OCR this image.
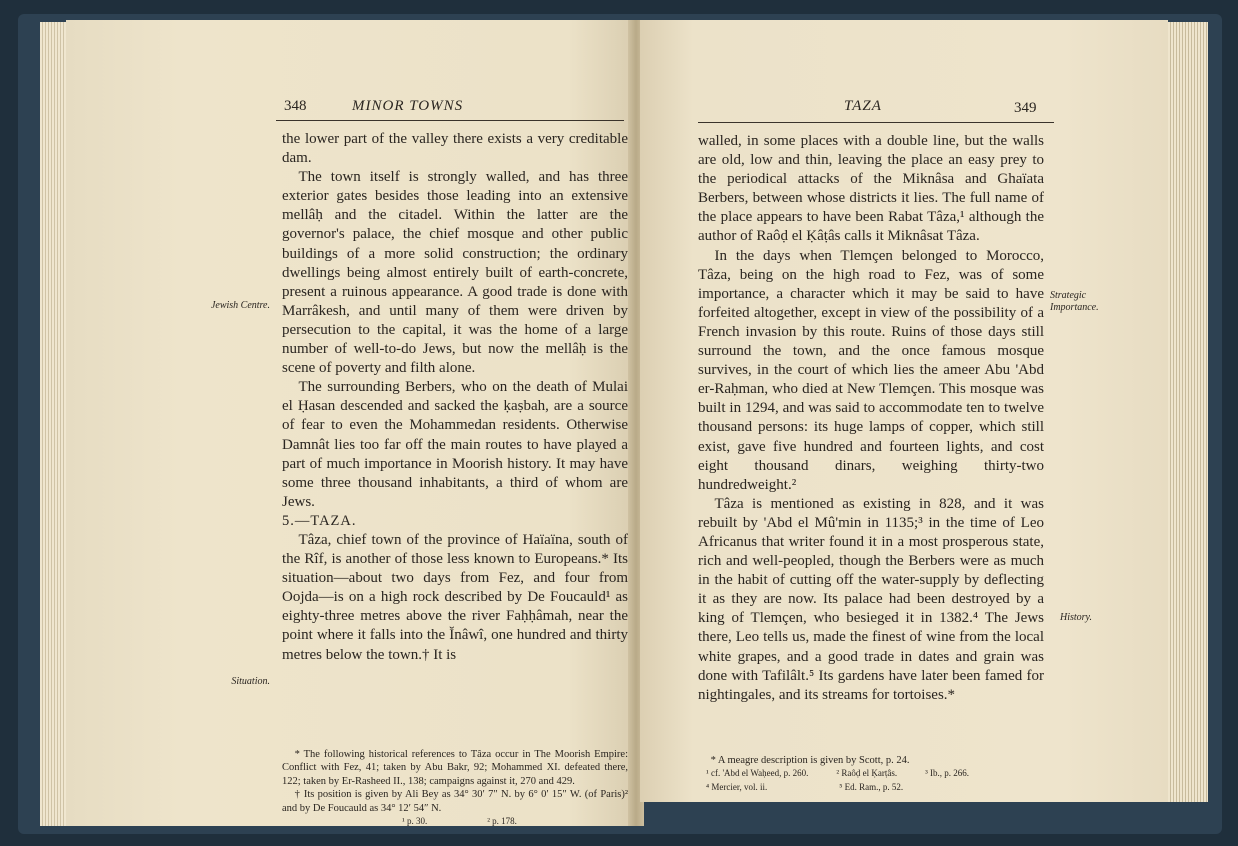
348	MINOR TOWNS
Jewish Centre.
Situation.

the lower part of the valley there exists a very creditable dam.

The town itself is strongly walled, and has three exterior gates besides those leading into an extensive mellâḥ and the citadel. Within the latter are the governor's palace, the chief mosque and other public buildings of a more solid construction; the ordinary dwellings being almost entirely built of earth-concrete, present a ruinous appearance. A good trade is done with Marrâkesh, and until many of them were driven by persecution to the capital, it was the home of a large number of well-to-do Jews, but now the mellâḥ is the scene of poverty and filth alone.

The surrounding Berbers, who on the death of Mulai el Ḥasan descended and sacked the ḳaṣbah, are a source of fear to even the Mohammedan residents. Otherwise Damnât lies too far off the main routes to have played a part of much importance in Moorish history. It may have some three thousand inhabitants, a third of whom are Jews.

5.—TAZA.

Tâza, chief town of the province of Haïaïna, south of the Rîf, is another of those less known to Europeans.* Its situation—about two days from Fez, and four from Oojda—is on a high rock described by De Foucauld¹ as eighty-three metres above the river Faḥḥâmah, near the point where it falls into the Ĭnâwî, one hundred and thirty metres below the town.† It is

* The following historical references to Tâza occur in The Moorish Empire: Conflict with Fez, 41; taken by Abu Bakr, 92; Mohammed XI. defeated there, 122; taken by Er-Rasheed II., 138; campaigns against it, 270 and 429.

† Its position is given by Ali Bey as 34° 30′ 7″ N. by 6° 0′ 15″ W. (of Paris)² and by De Foucauld as 34° 12′ 54″ N.

¹ p. 30.	² p. 178.
TAZA	349
Strategic Importance.
History.

walled, in some places with a double line, but the walls are old, low and thin, leaving the place an easy prey to the periodical attacks of the Miknâsa and Ghaïata Berbers, between whose districts it lies. The full name of the place appears to have been Rabat Tâza,¹ although the author of Raôḍ el Ḳâṭâs calls it Miknâsat Tâza.

In the days when Tlemçen belonged to Morocco, Tâza, being on the high road to Fez, was of some importance, a character which it may be said to have forfeited altogether, except in view of the possibility of a French invasion by this route. Ruins of those days still surround the town, and the once famous mosque survives, in the court of which lies the ameer Abu 'Abd er-Raḥman, who died at New Tlemçen. This mosque was built in 1294, and was said to accommodate ten to twelve thousand persons: its huge lamps of copper, which still exist, gave five hundred and fourteen lights, and cost eight thousand dinars, weighing thirty-two hundredweight.²

Tâza is mentioned as existing in 828, and it was rebuilt by 'Abd el Mû'min in 1135;³ in the time of Leo Africanus that writer found it in a most prosperous state, rich and well-peopled, though the Berbers were as much in the habit of cutting off the water-supply by deflecting it as they are now. Its palace had been destroyed by a king of Tlemçen, who besieged it in 1382.⁴ The Jews there, Leo tells us, made the finest of wine from the local white grapes, and a good trade in dates and grain was done with Tafilâlt.⁵ Its gardens have later been famed for nightingales, and its streams for tortoises.*

* A meagre description is given by Scott, p. 24.

¹ cf. 'Abd el Waḥeed, p. 260.	² Raôḍ el Ḳarṭâs.	³ Ib., p. 266.
⁴ Mercier, vol. ii.	⁵ Ed. Ram., p. 52.
